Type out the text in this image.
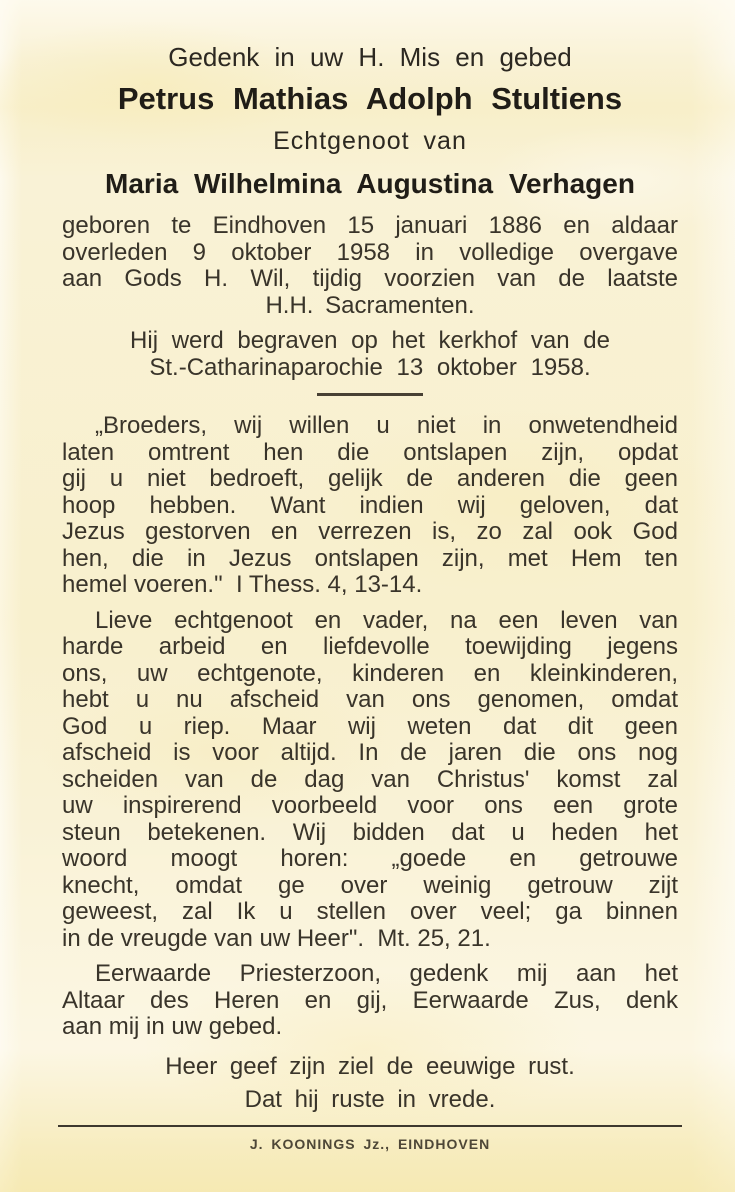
Gedenk in uw H. Mis en gebed
Petrus Mathias Adolph Stultiens
Echtgenoot van
Maria Wilhelmina Augustina Verhagen

geboren te Eindhoven 15 januari 1886 en aldaar
overleden 9 oktober 1958 in volledige overgave
aan Gods H. Wil, tijdig voorzien van de laatste
H.H. Sacramenten.

Hij werd begraven op het kerkhof van de
St.-Catharinaparochie 13 oktober 1958.

„Broeders, wij willen u niet in onwetendheid
laten omtrent hen die ontslapen zijn, opdat
gij u niet bedroeft, gelijk de anderen die geen
hoop hebben. Want indien wij geloven, dat
Jezus gestorven en verrezen is, zo zal ook God
hen, die in Jezus ontslapen zijn, met Hem ten
hemel voeren."  I Thess. 4, 13-14.

Lieve echtgenoot en vader, na een leven van
harde arbeid en liefdevolle toewijding jegens
ons, uw echtgenote, kinderen en kleinkinderen,
hebt u nu afscheid van ons genomen, omdat
God u riep. Maar wij weten dat dit geen
afscheid is voor altijd. In de jaren die ons nog
scheiden van de dag van Christus' komst zal
uw inspirerend voorbeeld voor ons een grote
steun betekenen. Wij bidden dat u heden het
woord moogt horen: „goede en getrouwe
knecht, omdat ge over weinig getrouw zijt
geweest, zal Ik u stellen over veel; ga binnen
in de vreugde van uw Heer".  Mt. 25, 21.

Eerwaarde Priesterzoon, gedenk mij aan het
Altaar des Heren en gij, Eerwaarde Zus, denk
aan mij in uw gebed.

Heer geef zijn ziel de eeuwige rust.
Dat hij ruste in vrede.
J. KOONINGS Jz., EINDHOVEN
